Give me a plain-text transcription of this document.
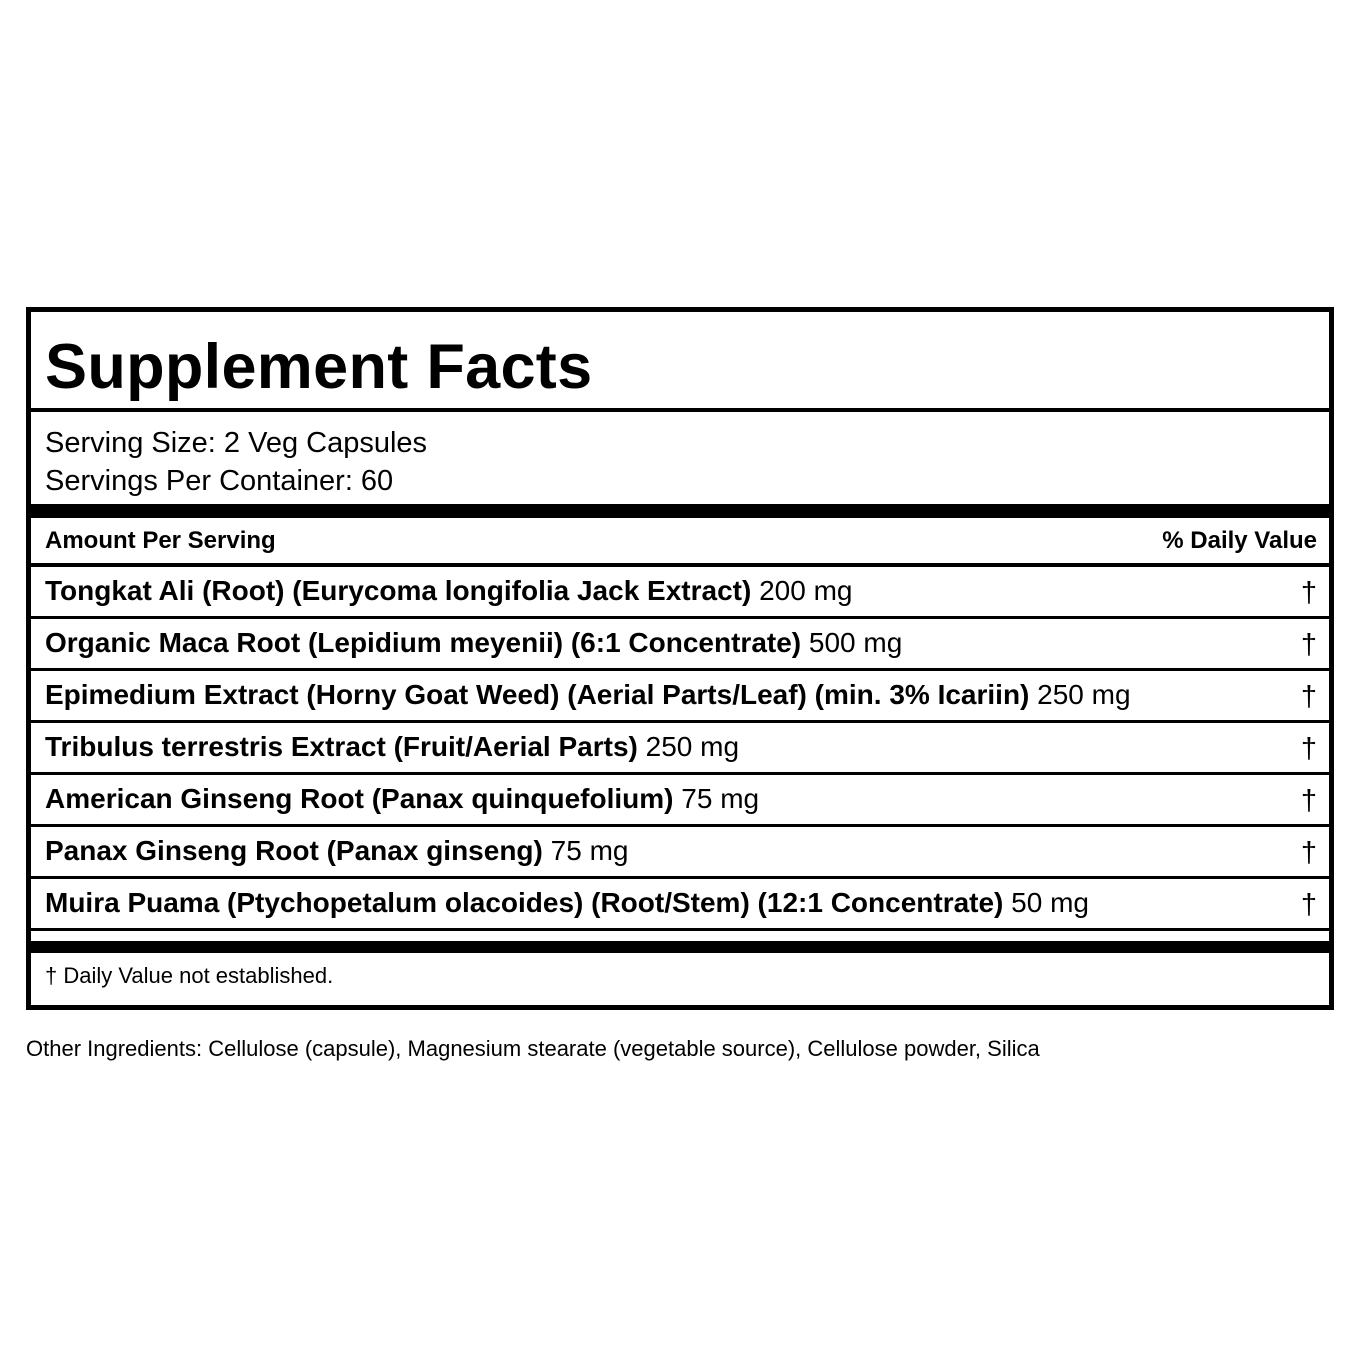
Supplement Facts
Serving Size: 2 Veg Capsules
Servings Per Container: 60
Amount Per Serving	% Daily Value
Tongkat Ali (Root) (Eurycoma longifolia Jack Extract) 200 mg	†
Organic Maca Root (Lepidium meyenii) (6:1 Concentrate) 500 mg	†
Epimedium Extract (Horny Goat Weed) (Aerial Parts/Leaf) (min. 3% Icariin) 250 mg	†
Tribulus terrestris Extract (Fruit/Aerial Parts) 250 mg	†
American Ginseng Root (Panax quinquefolium) 75 mg	†
Panax Ginseng Root (Panax ginseng) 75 mg	†
Muira Puama (Ptychopetalum olacoides) (Root/Stem) (12:1 Concentrate) 50 mg	†
† Daily Value not established.
Other Ingredients: Cellulose (capsule), Magnesium stearate (vegetable source), Cellulose powder, Silica
